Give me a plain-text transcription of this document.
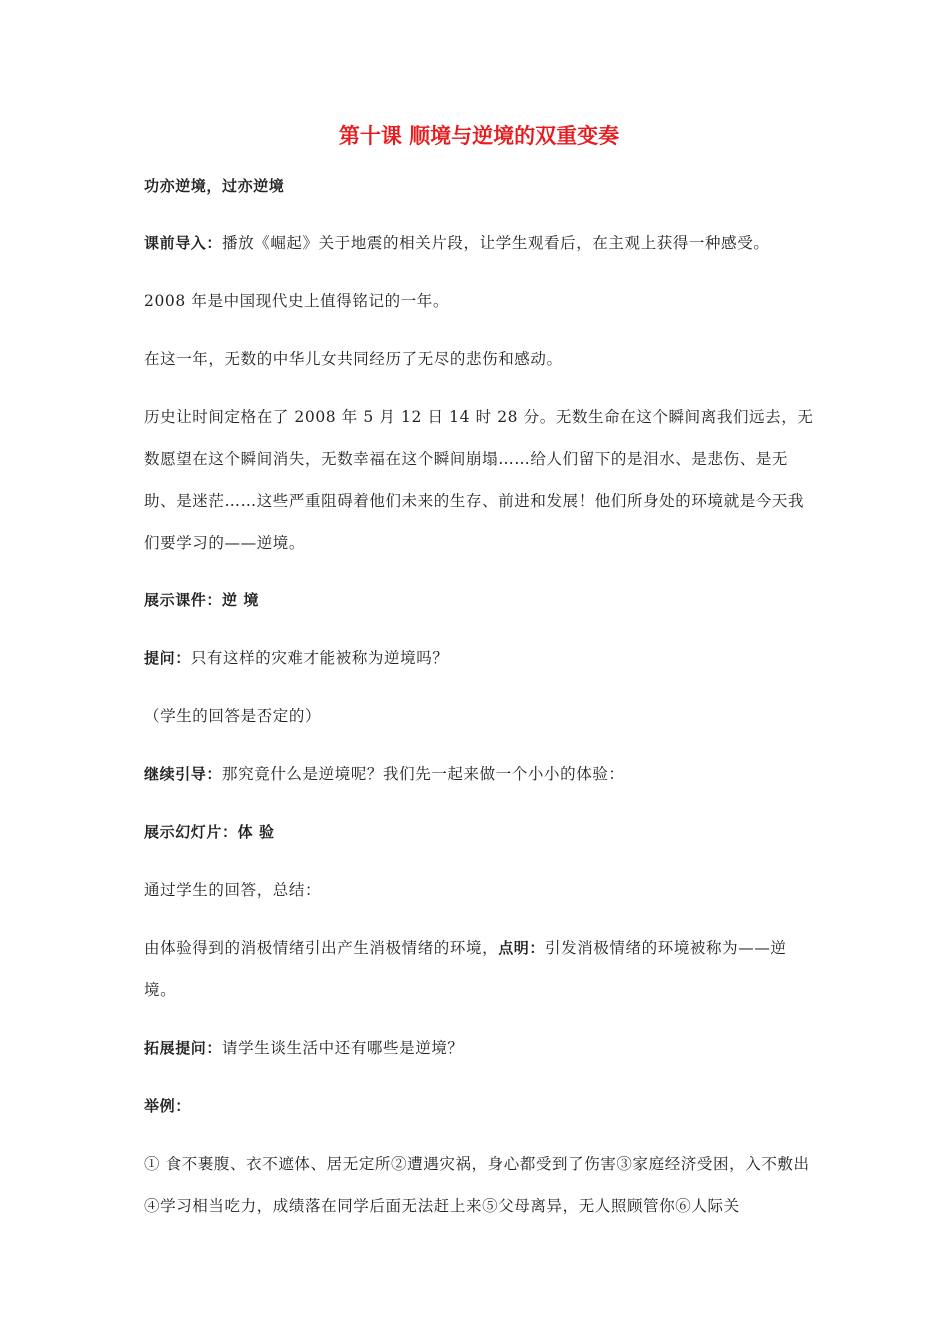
第十课 顺境与逆境的双重变奏

功亦逆境，过亦逆境

课前导入：播放《崛起》关于地震的相关片段，让学生观看后，在主观上获得一种感受。

2008 年是中国现代史上值得铭记的一年。

在这一年，无数的中华儿女共同经历了无尽的悲伤和感动。

历史让时间定格在了 2008 年 5 月 12 日 14 时 28 分。无数生命在这个瞬间离我们远去，无数愿望在这个瞬间消失，无数幸福在这个瞬间崩塌……给人们留下的是泪水、是悲伤、是无助、是迷茫……这些严重阻碍着他们未来的生存、前进和发展！他们所身处的环境就是今天我们要学习的——逆境。

展示课件：逆 境

提问：只有这样的灾难才能被称为逆境吗？

（学生的回答是否定的）

继续引导：那究竟什么是逆境呢？我们先一起来做一个小小的体验：

展示幻灯片：体 验

通过学生的回答，总结：

由体验得到的消极情绪引出产生消极情绪的环境，点明：引发消极情绪的环境被称为——逆境。

拓展提问：请学生谈生活中还有哪些是逆境？

举例：

① 食不裹腹、衣不遮体、居无定所②遭遇灾祸，身心都受到了伤害③家庭经济受困，入不敷出④学习相当吃力，成绩落在同学后面无法赶上来⑤父母离异，无人照顾管你⑥人际关
